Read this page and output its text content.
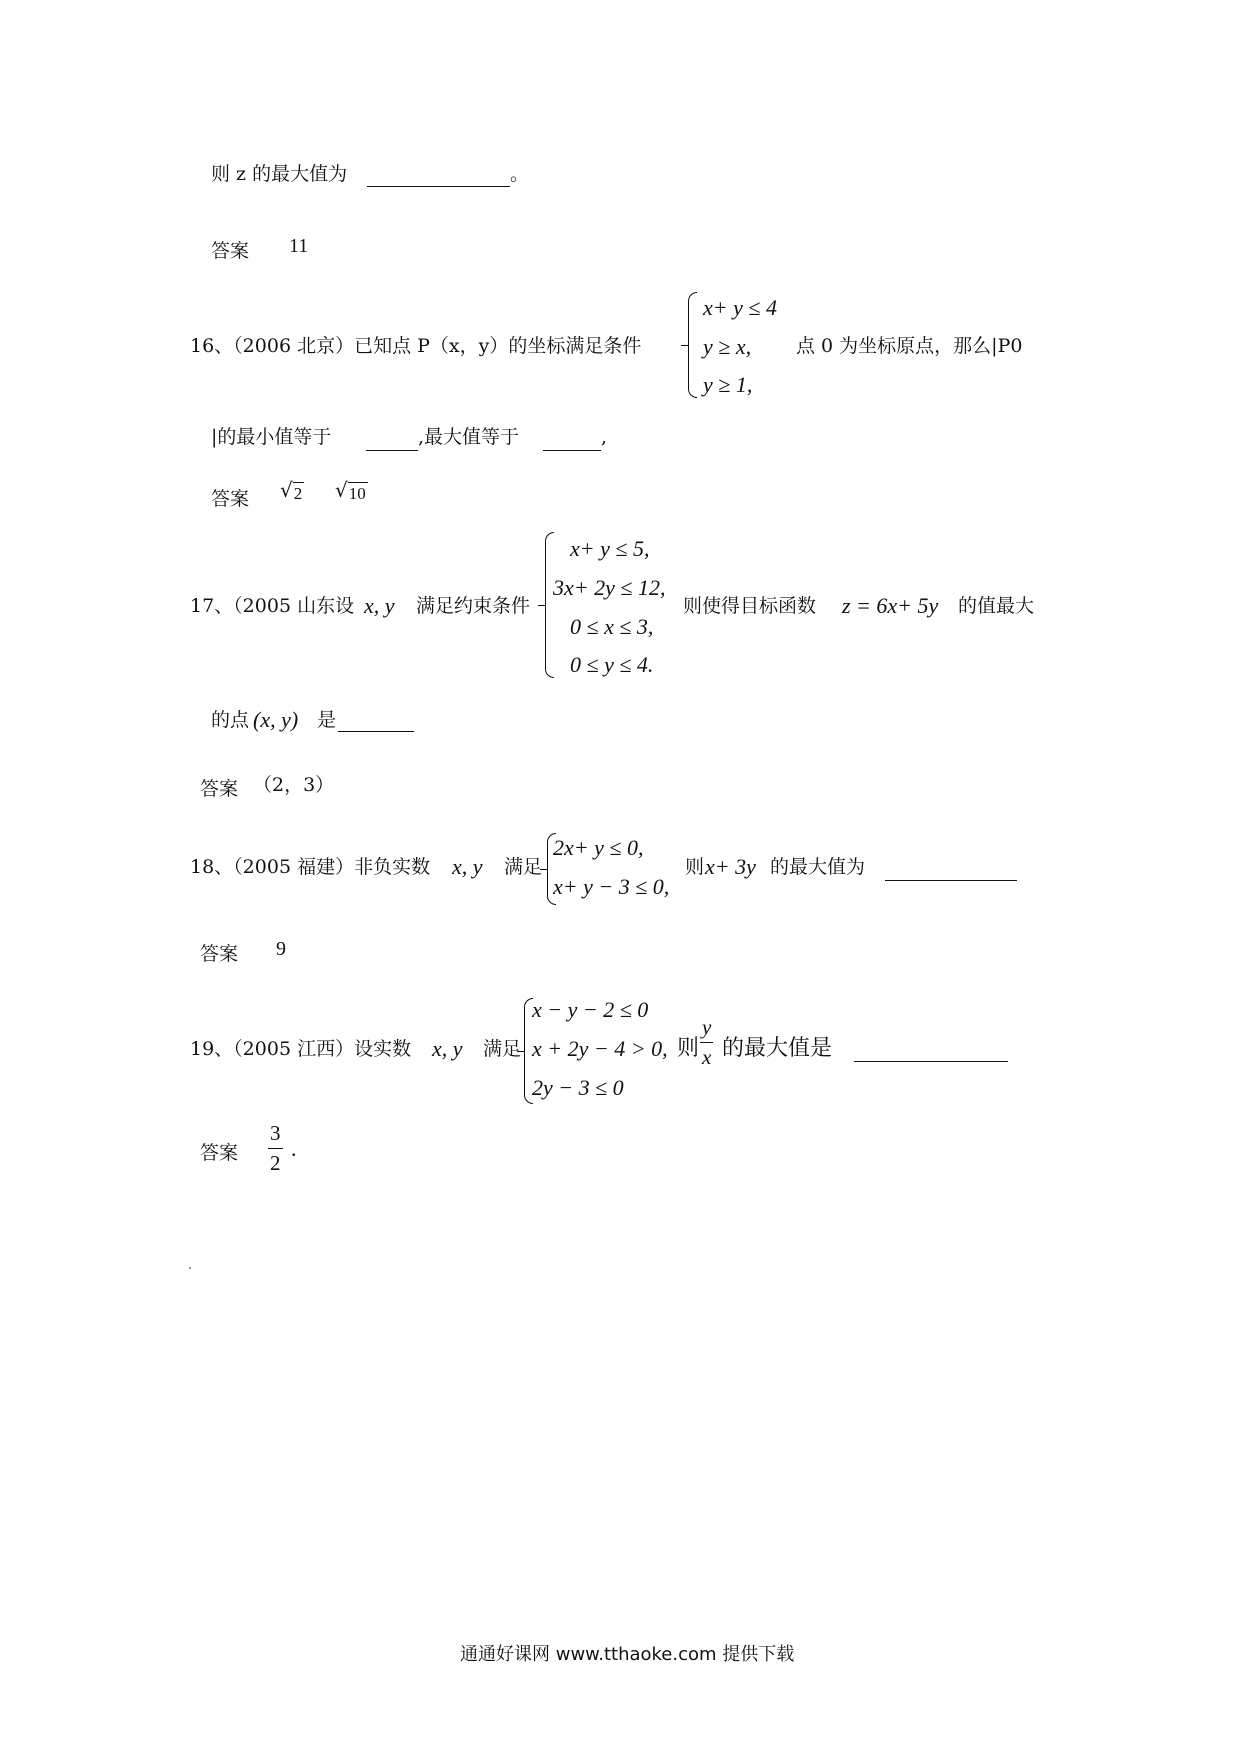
则 z 的最大值为	。
答案 11
16、（2006 北京）已知点 P（x，y）的坐标满足条件
x+ y ≤ 4
y ≥ x,
y ≥ 1,
点 0 为坐标原点，那么|P0
|的最小值等于	,最大值等于	,
答案 √ 2 √ 10
17、（2005 山东设 x, y 满足约束条件
x+ y ≤ 5,
3x+ 2y ≤ 12,
0 ≤ x ≤ 3,
0 ≤ y ≤ 4.
则使得目标函数 z = 6x+ 5y 的值最大
的点 (x, y) 是
答案 （2，3）
18、（2005 福建）非负实数 x, y 满足
2x+ y ≤ 0,
x+ y − 3 ≤ 0,
则 x+ 3y 的最大值为
答案 9
19、（2005 江西）设实数 x, y 满足
x − y − 2 ≤ 0
x + 2y − 4 > 0,
2y − 3 ≤ 0
则 $\frac{y}{x}$ 的最大值是
答案 $\frac{3}{2}$ .
通通好课网 www.tthaoke.com 提供下载
